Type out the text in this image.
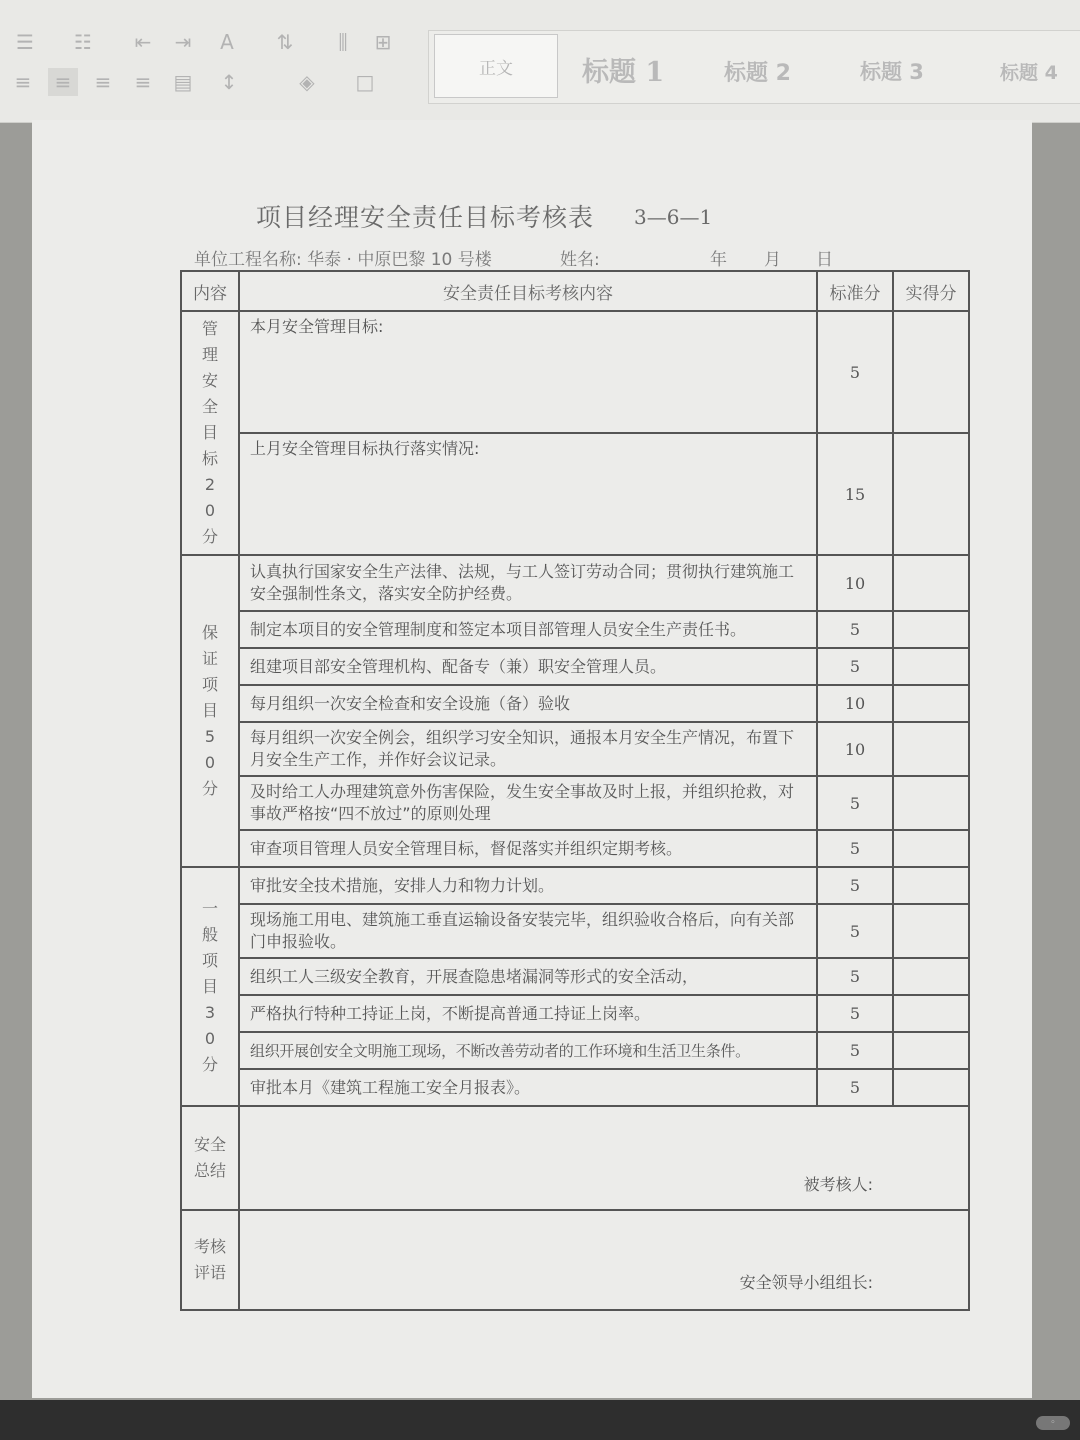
☰	☷	⇤	⇥	A	⇅	⫼	⊞
≡	≡	≡	≡	▤	↕	◈	□
正文	标题 1	标题 2	标题 3	标题 4
项目经理安全责任目标考核表 3—6—1
单位工程名称: 华泰 · 中原巴黎 10 号楼	姓名:	年 月 日
内容	安全责任目标考核内容	标准分	实得分
管理安全目标20分	本月安全管理目标:	5	
	上月安全管理目标执行落实情况:	15	
保证项目50分	认真执行国家安全生产法律、法规，与工人签订劳动合同；贯彻执行建筑施工安全强制性条文，落实安全防护经费。	10	
	制定本项目的安全管理制度和签定本项目部管理人员安全生产责任书。	5	
	组建项目部安全管理机构、配备专（兼）职安全管理人员。	5	
	每月组织一次安全检查和安全设施（备）验收	10	
	每月组织一次安全例会，组织学习安全知识，通报本月安全生产情况，布置下月安全生产工作，并作好会议记录。	10	
	及时给工人办理建筑意外伤害保险，发生安全事故及时上报，并组织抢救，对事故严格按“四不放过”的原则处理	5	
	审查项目管理人员安全管理目标，督促落实并组织定期考核。	5	
一般项目30分	审批安全技术措施，安排人力和物力计划。	5	
	现场施工用电、建筑施工垂直运输设备安装完毕，组织验收合格后，向有关部门申报验收。	5	
	组织工人三级安全教育，开展查隐患堵漏洞等形式的安全活动，	5	
	严格执行特种工持证上岗，不断提高普通工持证上岗率。	5	
	组织开展创安全文明施工现场，不断改善劳动者的工作环境和生活卫生条件。	5	
	审批本月《建筑工程施工安全月报表》。	5	
安全总结	被考核人:		

考核评语	安全领导小组组长:		
◦
